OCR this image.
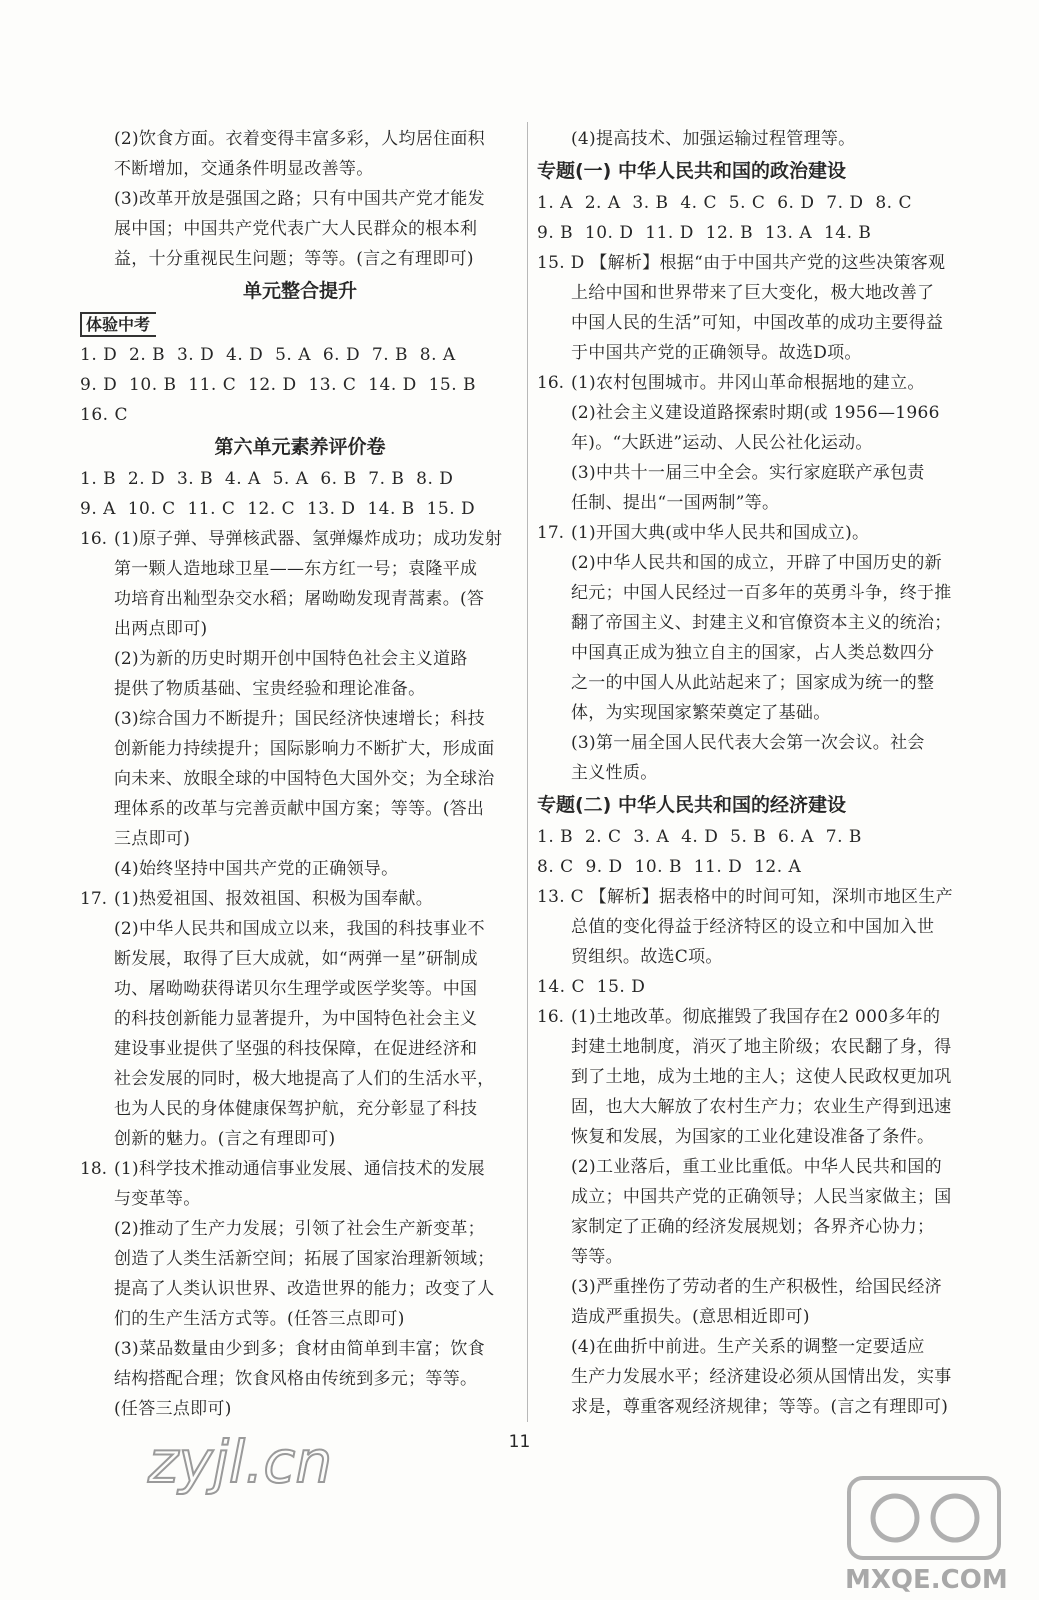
(2)饮食方面。衣着变得丰富多彩，人均居住面积
不断增加，交通条件明显改善等。
(3)改革开放是强国之路；只有中国共产党才能发
展中国；中国共产党代表广大人民群众的根本利
益，十分重视民生问题；等等。(言之有理即可)
单元整合提升
体验中考
1. D  2. B  3. D  4. D  5. A  6. D  7. B  8. A
9. D  10. B  11. C  12. D  13. C  14. D  15. B
16. C
第六单元素养评价卷
1. B  2. D  3. B  4. A  5. A  6. B  7. B  8. D
9. A  10. C  11. C  12. C  13. D  14. B  15. D
16. (1)原子弹、导弹核武器、氢弹爆炸成功；成功发射
第一颗人造地球卫星——东方红一号；袁隆平成
功培育出籼型杂交水稻；屠呦呦发现青蒿素。(答
出两点即可)
(2)为新的历史时期开创中国特色社会主义道路
提供了物质基础、宝贵经验和理论准备。
(3)综合国力不断提升；国民经济快速增长；科技
创新能力持续提升；国际影响力不断扩大，形成面
向未来、放眼全球的中国特色大国外交；为全球治
理体系的改革与完善贡献中国方案；等等。(答出
三点即可)
(4)始终坚持中国共产党的正确领导。
17. (1)热爱祖国、报效祖国、积极为国奉献。
(2)中华人民共和国成立以来，我国的科技事业不
断发展，取得了巨大成就，如“两弹一星”研制成
功、屠呦呦获得诺贝尔生理学或医学奖等。中国
的科技创新能力显著提升，为中国特色社会主义
建设事业提供了坚强的科技保障，在促进经济和
社会发展的同时，极大地提高了人们的生活水平，
也为人民的身体健康保驾护航，充分彰显了科技
创新的魅力。(言之有理即可)
18. (1)科学技术推动通信事业发展、通信技术的发展
与变革等。
(2)推动了生产力发展；引领了社会生产新变革；
创造了人类生活新空间；拓展了国家治理新领域；
提高了人类认识世界、改造世界的能力；改变了人
们的生产生活方式等。(任答三点即可)
(3)菜品数量由少到多；食材由简单到丰富；饮食
结构搭配合理；饮食风格由传统到多元；等等。
(任答三点即可)
(4)提高技术、加强运输过程管理等。
专题(一) 中华人民共和国的政治建设
1. A  2. A  3. B  4. C  5. C  6. D  7. D  8. C
9. B  10. D  11. D  12. B  13. A  14. B
15. D 【解析】根据“由于中国共产党的这些决策客观
上给中国和世界带来了巨大变化，极大地改善了
中国人民的生活”可知，中国改革的成功主要得益
于中国共产党的正确领导。故选D项。
16. (1)农村包围城市。井冈山革命根据地的建立。
(2)社会主义建设道路探索时期(或 1956—1966
年)。“大跃进”运动、人民公社化运动。
(3)中共十一届三中全会。实行家庭联产承包责
任制、提出“一国两制”等。
17. (1)开国大典(或中华人民共和国成立)。
(2)中华人民共和国的成立，开辟了中国历史的新
纪元；中国人民经过一百多年的英勇斗争，终于推
翻了帝国主义、封建主义和官僚资本主义的统治；
中国真正成为独立自主的国家，占人类总数四分
之一的中国人从此站起来了；国家成为统一的整
体，为实现国家繁荣奠定了基础。
(3)第一届全国人民代表大会第一次会议。社会
主义性质。
专题(二) 中华人民共和国的经济建设
1. B  2. C  3. A  4. D  5. B  6. A  7. B
8. C  9. D  10. B  11. D  12. A
13. C 【解析】据表格中的时间可知，深圳市地区生产
总值的变化得益于经济特区的设立和中国加入世
贸组织。故选C项。
14. C  15. D
16. (1)土地改革。彻底摧毁了我国存在2 000多年的
封建土地制度，消灭了地主阶级；农民翻了身，得
到了土地，成为土地的主人；这使人民政权更加巩
固，也大大解放了农村生产力；农业生产得到迅速
恢复和发展，为国家的工业化建设准备了条件。
(2)工业落后，重工业比重低。中华人民共和国的
成立；中国共产党的正确领导；人民当家做主；国
家制定了正确的经济发展规划；各界齐心协力；
等等。
(3)严重挫伤了劳动者的生产积极性，给国民经济
造成严重损失。(意思相近即可)
(4)在曲折中前进。生产关系的调整一定要适应
生产力发展水平；经济建设必须从国情出发，实事
求是，尊重客观经济规律；等等。(言之有理即可)
11
zyjl.cn
MXQE.COM
